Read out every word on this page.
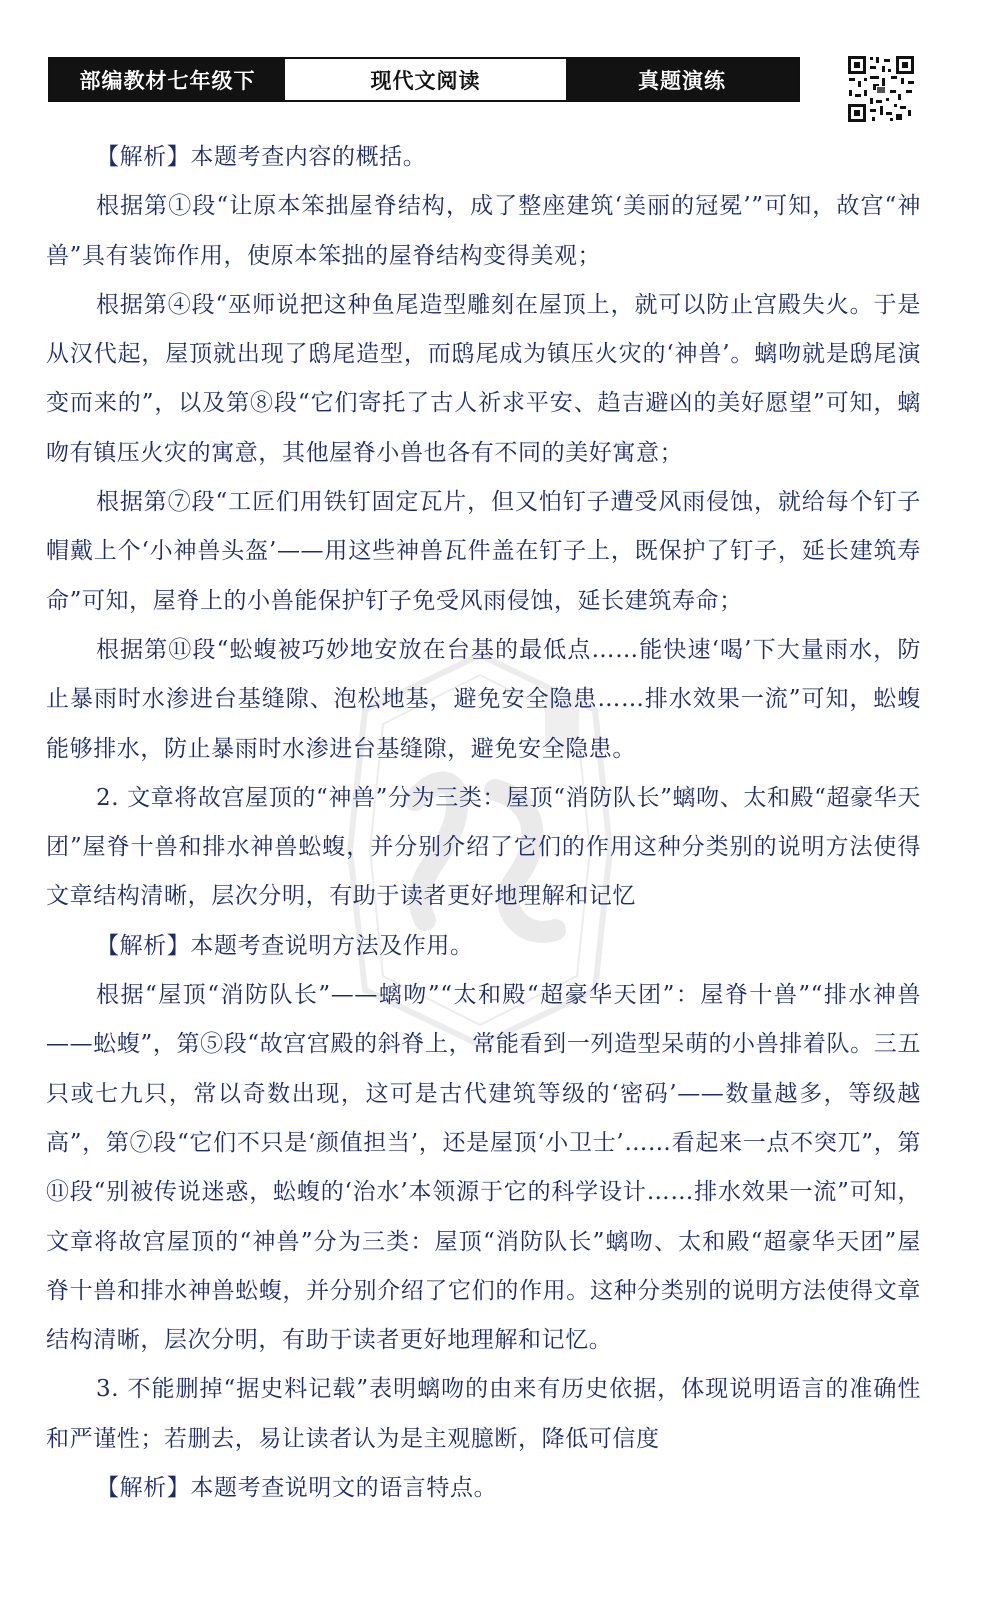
部编教材七年级下	现代文阅读	真题演练

【解析】本题考查内容的概括。

根据第①段“让原本笨拙屋脊结构，成了整座建筑‘美丽的冠冕’”可知，故宫“神兽”具有装饰作用，使原本笨拙的屋脊结构变得美观；

根据第④段“巫师说把这种鱼尾造型雕刻在屋顶上，就可以防止宫殿失火。于是从汉代起，屋顶就出现了鸱尾造型，而鸱尾成为镇压火灾的‘神兽’。螭吻就是鸱尾演变而来的”，以及第⑧段“它们寄托了古人祈求平安、趋吉避凶的美好愿望”可知，螭吻有镇压火灾的寓意，其他屋脊小兽也各有不同的美好寓意；

根据第⑦段“工匠们用铁钉固定瓦片，但又怕钉子遭受风雨侵蚀，就给每个钉子帽戴上个‘小神兽头盔’——用这些神兽瓦件盖在钉子上，既保护了钉子，延长建筑寿命”可知，屋脊上的小兽能保护钉子免受风雨侵蚀，延长建筑寿命；

根据第⑪段“蚣蝮被巧妙地安放在台基的最低点……能快速‘喝’下大量雨水，防止暴雨时水渗进台基缝隙、泡松地基，避免安全隐患……排水效果一流”可知，蚣蝮能够排水，防止暴雨时水渗进台基缝隙，避免安全隐患。

2. 文章将故宫屋顶的“神兽”分为三类：屋顶“消防队长”螭吻、太和殿“超豪华天团”屋脊十兽和排水神兽蚣蝮，并分别介绍了它们的作用这种分类别的说明方法使得文章结构清晰，层次分明，有助于读者更好地理解和记忆

【解析】本题考查说明方法及作用。

根据“屋顶“消防队长”——螭吻”“太和殿“超豪华天团”：屋脊十兽”“排水神兽——蚣蝮”，第⑤段“故宫宫殿的斜脊上，常能看到一列造型呆萌的小兽排着队。三五只或七九只，常以奇数出现，这可是古代建筑等级的‘密码’——数量越多，等级越高”，第⑦段“它们不只是‘颜值担当’，还是屋顶‘小卫士’……看起来一点不突兀”，第⑪段“别被传说迷惑，蚣蝮的‘治水’本领源于它的科学设计……排水效果一流”可知，文章将故宫屋顶的“神兽”分为三类：屋顶“消防队长”螭吻、太和殿“超豪华天团”屋脊十兽和排水神兽蚣蝮，并分别介绍了它们的作用。这种分类别的说明方法使得文章结构清晰，层次分明，有助于读者更好地理解和记忆。

3. 不能删掉“据史料记载”表明螭吻的由来有历史依据，体现说明语言的准确性和严谨性；若删去，易让读者认为是主观臆断，降低可信度

【解析】本题考查说明文的语言特点。
